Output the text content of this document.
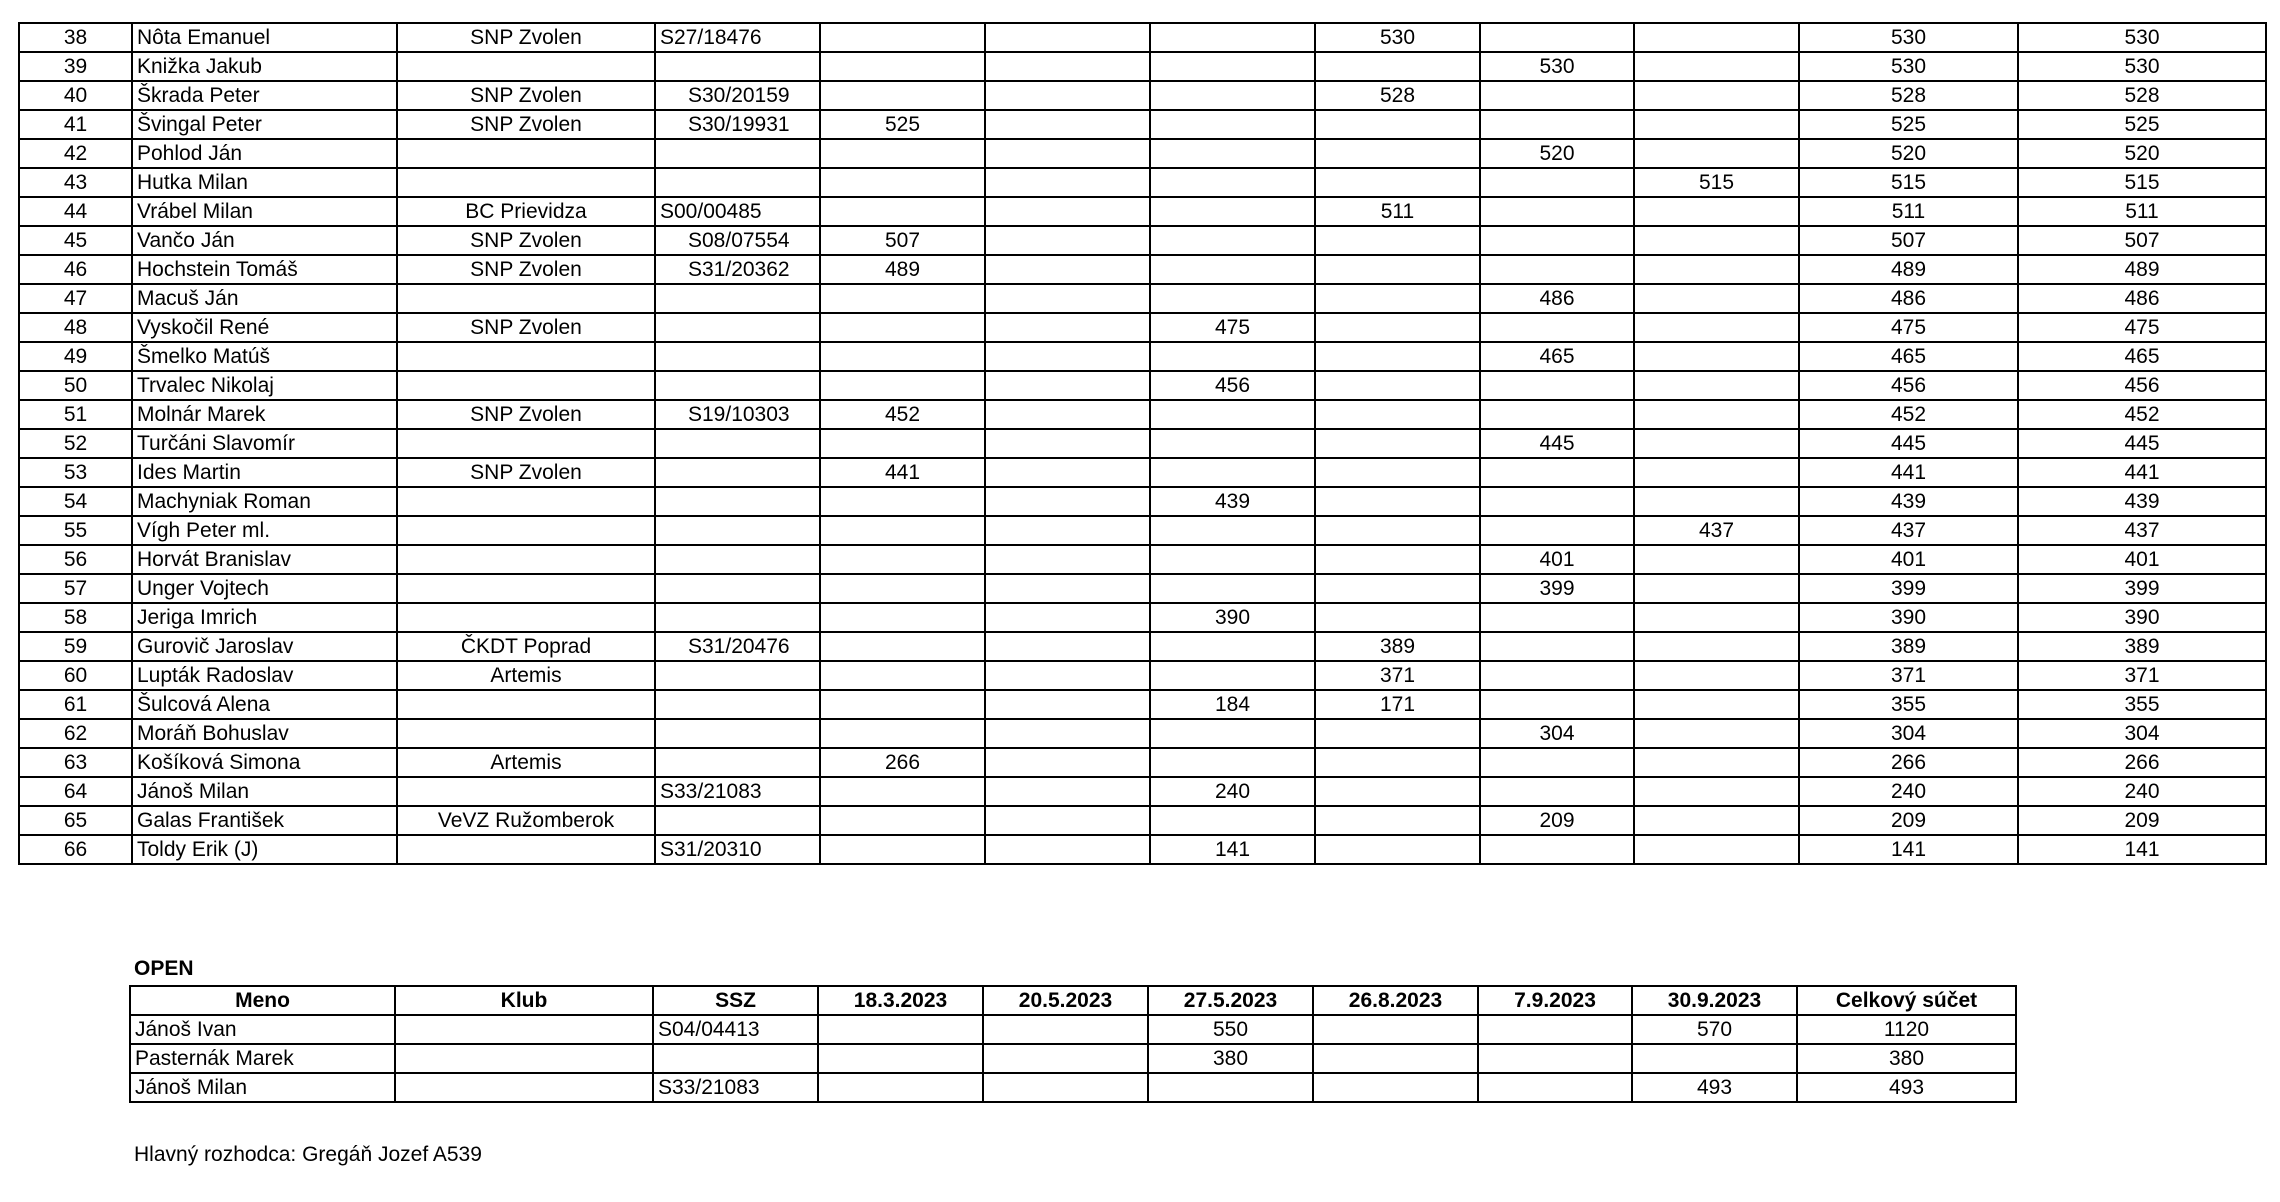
38	Nôta Emanuel	SNP Zvolen	S27/18476				530			530	530
39	Knižka Jakub							530		530	530
40	Škrada Peter	SNP Zvolen	S30/20159				528			528	528
41	Švingal Peter	SNP Zvolen	S30/19931	525						525	525
42	Pohlod Ján							520		520	520
43	Hutka Milan								515	515	515
44	Vrábel Milan	BC Prievidza	S00/00485				511			511	511
45	Vančo Ján	SNP Zvolen	S08/07554	507						507	507
46	Hochstein Tomáš	SNP Zvolen	S31/20362	489						489	489
47	Macuš Ján							486		486	486
48	Vyskočil René	SNP Zvolen				475				475	475
49	Šmelko Matúš							465		465	465
50	Trvalec Nikolaj					456				456	456
51	Molnár Marek	SNP Zvolen	S19/10303	452						452	452
52	Turčáni Slavomír							445		445	445
53	Ides Martin	SNP Zvolen		441						441	441
54	Machyniak Roman					439				439	439
55	Vígh Peter ml.								437	437	437
56	Horvát Branislav							401		401	401
57	Unger Vojtech							399		399	399
58	Jeriga Imrich					390				390	390
59	Gurovič Jaroslav	ČKDT Poprad	S31/20476				389			389	389
60	Lupták Radoslav	Artemis					371			371	371
61	Šulcová Alena					184	171			355	355
62	Moráň Bohuslav							304		304	304
63	Košíková Simona	Artemis		266						266	266
64	Jánoš Milan		S33/21083			240				240	240
65	Galas František	VeVZ Ružomberok						209		209	209
66	Toldy Erik (J)		S31/20310			141				141	141
OPEN
Meno	Klub	SSZ	18.3.2023	20.5.2023	27.5.2023	26.8.2023	7.9.2023	30.9.2023	Celkový súčet
Jánoš Ivan		S04/04413			550			570	1120
Pasternák Marek					380				380
Jánoš Milan		S33/21083						493	493
Hlavný rozhodca: Gregáň Jozef A539
